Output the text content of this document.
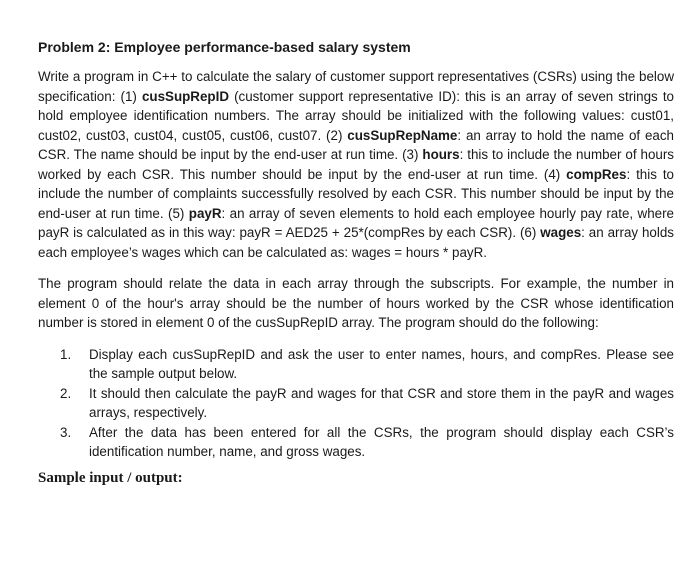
Problem 2: Employee performance-based salary system

Write a program in C++ to calculate the salary of customer support representatives (CSRs) using the below specification: (1) cusSupRepID (customer support representative ID): this is an array of seven strings to hold employee identification numbers. The array should be initialized with the following values: cust01, cust02, cust03, cust04, cust05, cust06, cust07. (2) cusSupRepName: an array to hold the name of each CSR. The name should be input by the end-user at run time. (3) hours: this to include the number of hours worked by each CSR. This number should be input by the end-user at run time. (4) compRes: this to include the number of complaints successfully resolved by each CSR. This number should be input by the end-user at run time. (5) payR: an array of seven elements to hold each employee hourly pay rate, where payR is calculated as in this way: payR = AED25 + 25*(compRes by each CSR). (6) wages: an array holds each employee’s wages which can be calculated as: wages = hours * payR.

The program should relate the data in each array through the subscripts. For example, the number in element 0 of the hour's array should be the number of hours worked by the CSR whose identification number is stored in element 0 of the cusSupRepID array. The program should do the following:

1. Display each cusSupRepID and ask the user to enter names, hours, and compRes. Please see the sample output below.
2. It should then calculate the payR and wages for that CSR and store them in the payR and wages arrays, respectively.
3. After the data has been entered for all the CSRs, the program should display each CSR’s identification number, name, and gross wages.
Sample input / output:
